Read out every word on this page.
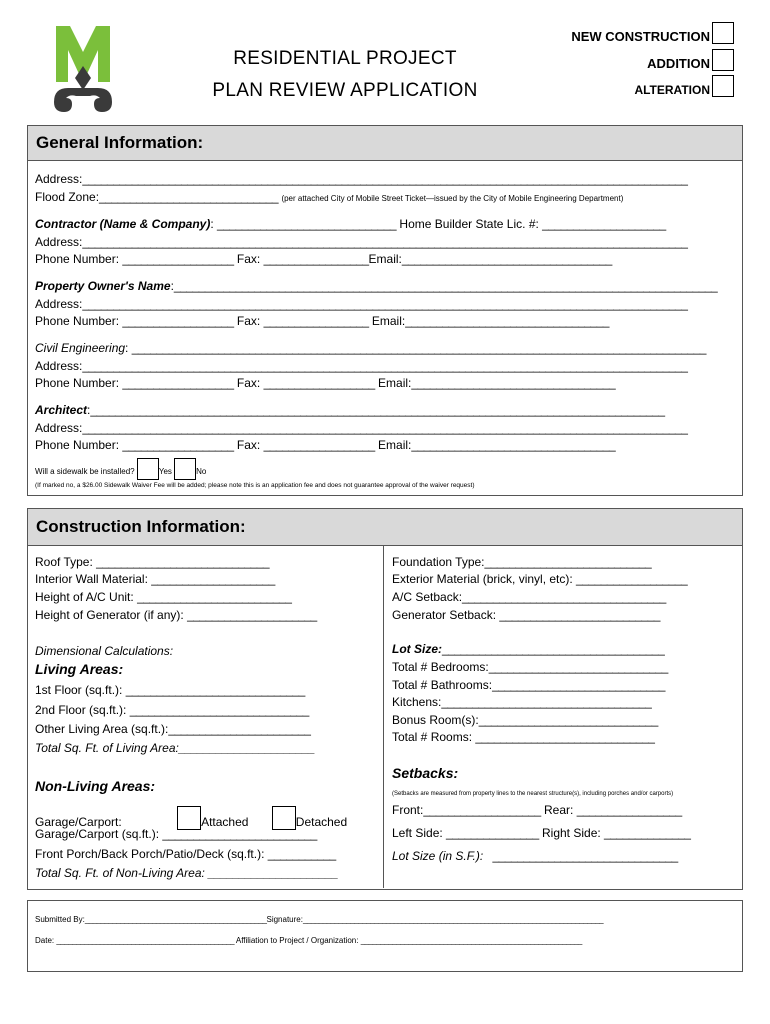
RESIDENTIAL PROJECT
PLAN REVIEW APPLICATION
NEW CONSTRUCTION
ADDITION
ALTERATION
General Information:
Address:__________________________________________________________________________________________________
Flood Zone:_____________________________ (per attached City of Mobile Street Ticket—issued by the City of Mobile Engineering Department)
Contractor (Name & Company): _____________________________ Home Builder State Lic. #: ____________________
Address:__________________________________________________________________________________________________
Phone Number: __________________ Fax: _________________Email:__________________________________
Property Owner's Name:________________________________________________________________________________________
Address:__________________________________________________________________________________________________
Phone Number: __________________ Fax: _________________ Email:_________________________________
Civil Engineering: _____________________________________________________________________________________________
Address:__________________________________________________________________________________________________
Phone Number: __________________ Fax: __________________ Email:_________________________________
Architect:_____________________________________________________________________________________________
Address:__________________________________________________________________________________________________
Phone Number: __________________ Fax: __________________ Email:_________________________________
Will a sidewalk be installed?	Yes	No
(If marked no, a $26.00 Sidewalk Waiver Fee will be added; please note this is an application fee and does not guarantee approval of the waiver request)
Construction Information:
Roof Type: ____________________________
Interior Wall Material: ____________________
Height of A/C Unit: _________________________
Height of Generator (if any): _____________________
Dimensional Calculations:
Living Areas:
1st Floor (sq.ft.): _____________________________
2nd Floor (sq.ft.): _____________________________
Other Living Area (sq.ft.):_______________________
Total Sq. Ft. of Living Area:______________________
Non-Living Areas:
Garage/Carport:	Attached	Detached
Garage/Carport (sq.ft.): _________________________
Front Porch/Back Porch/Patio/Deck (sq.ft.): ___________
Total Sq. Ft. of Non-Living Area: _____________________
Foundation Type:___________________________
Exterior Material (brick, vinyl, etc): __________________
A/C Setback:_________________________________
Generator Setback: __________________________
Lot Size:____________________________________
Total # Bedrooms:_____________________________
Total # Bathrooms:____________________________
Kitchens:__________________________________
Bonus Room(s):_____________________________
Total # Rooms: _____________________________
Setbacks:
(Setbacks are measured from property lines to the nearest structure(s), including porches and/or carports)
Front:___________________ Rear: _________________
Left Side: _______________ Right Side: ______________
Lot Size (in S.F.): ______________________________
Submitted By:______________________________________________Signature:____________________________________________________________________________
Date: _____________________________________________ Affiliation to Project / Organization: ________________________________________________________
